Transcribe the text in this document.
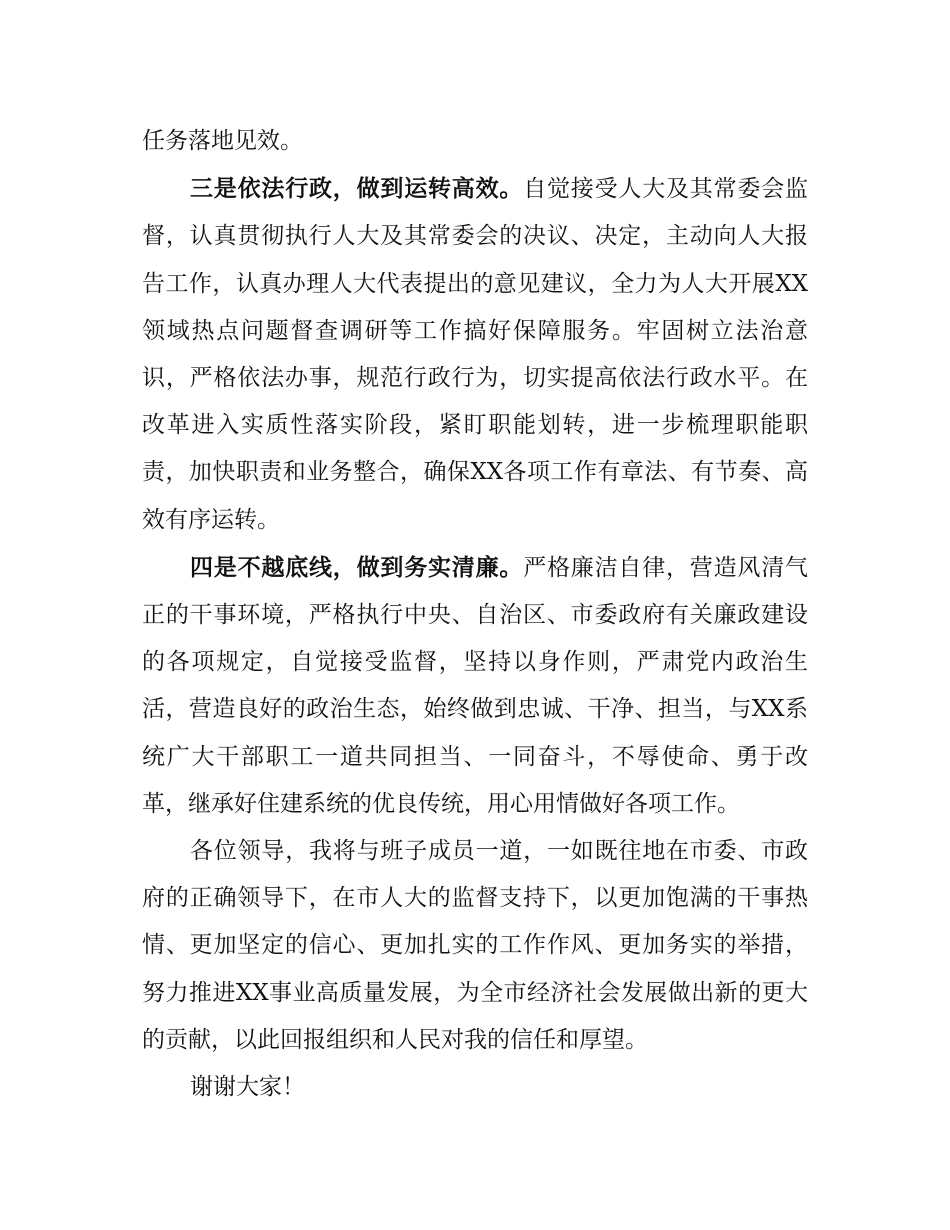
任务落地见效。

三是依法行政，做到运转高效。自觉接受人大及其常委会监督，认真贯彻执行人大及其常委会的决议、决定，主动向人大报告工作，认真办理人大代表提出的意见建议，全力为人大开展XX领域热点问题督查调研等工作搞好保障服务。牢固树立法治意识，严格依法办事，规范行政行为，切实提高依法行政水平。在改革进入实质性落实阶段，紧盯职能划转，进一步梳理职能职责，加快职责和业务整合，确保XX各项工作有章法、有节奏、高效有序运转。

四是不越底线，做到务实清廉。严格廉洁自律，营造风清气正的干事环境，严格执行中央、自治区、市委政府有关廉政建设的各项规定，自觉接受监督，坚持以身作则，严肃党内政治生活，营造良好的政治生态，始终做到忠诚、干净、担当，与XX系统广大干部职工一道共同担当、一同奋斗，不辱使命、勇于改革，继承好住建系统的优良传统，用心用情做好各项工作。

各位领导，我将与班子成员一道，一如既往地在市委、市政府的正确领导下，在市人大的监督支持下，以更加饱满的干事热情、更加坚定的信心、更加扎实的工作作风、更加务实的举措，努力推进XX事业高质量发展，为全市经济社会发展做出新的更大的贡献，以此回报组织和人民对我的信任和厚望。

谢谢大家！
